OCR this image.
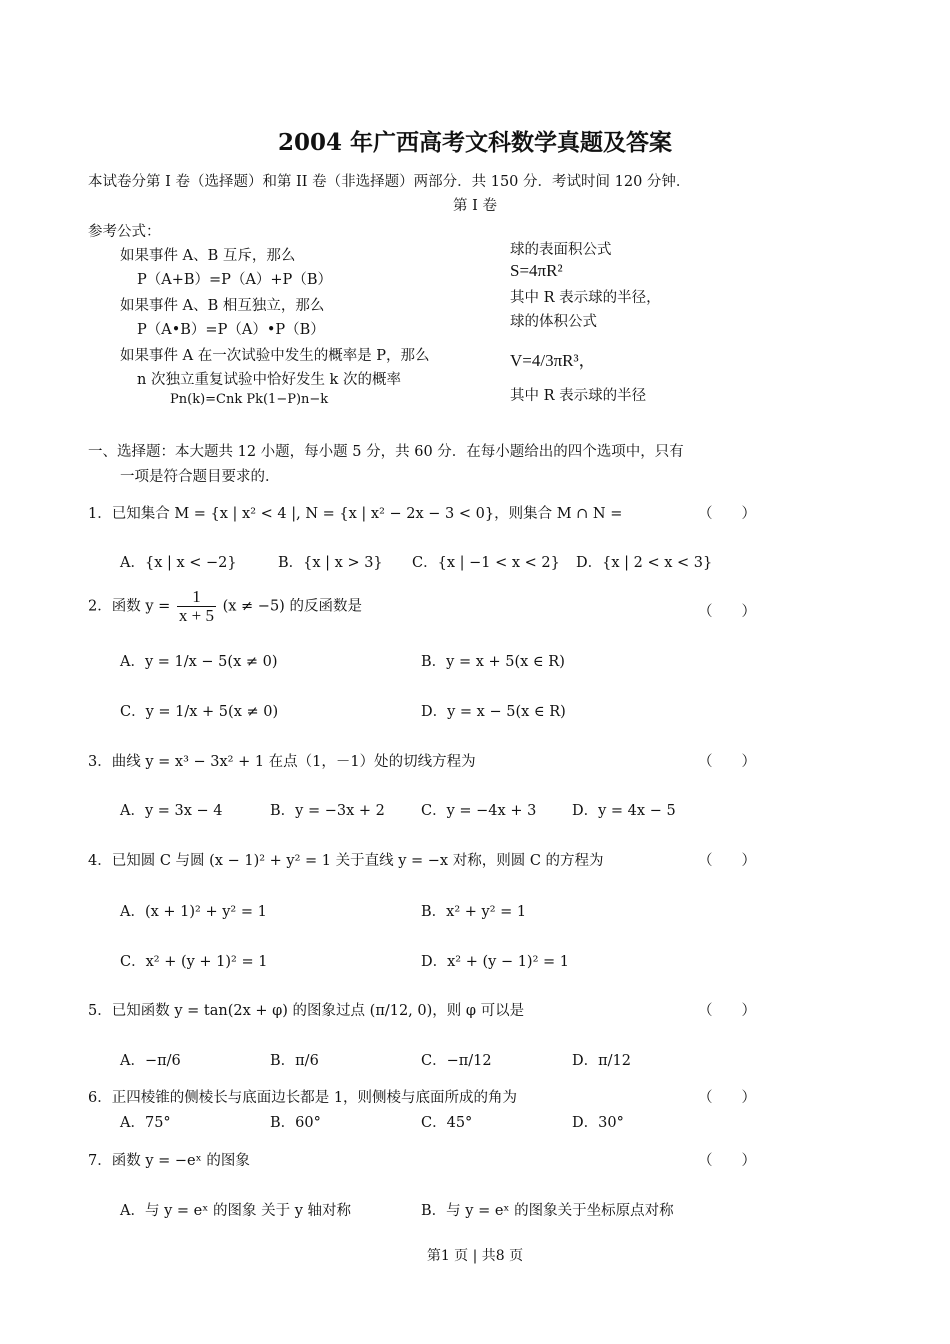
2004 年广西高考文科数学真题及答案
本试卷分第 I 卷（选择题）和第 II 卷（非选择题）两部分．共 150 分．考试时间 120 分钟．
第 I 卷
参考公式：
如果事件 A、B 互斥，那么
P（A+B）=P（A）+P（B）
如果事件 A、B 相互独立，那么
P（A•B）=P（A）•P（B）
如果事件 A 在一次试验中发生的概率是 P，那么
n 次独立重复试验中恰好发生 k 次的概率
Pn(k)=Cnk Pk(1−P)n−k
球的表面积公式
S=4πR²
其中 R 表示球的半径，
球的体积公式
V=4/3πR³，
其中 R 表示球的半径
一、选择题：本大题共 12 小题，每小题 5 分，共 60 分．在每小题给出的四个选项中，只有
一项是符合题目要求的．
1．已知集合 M = {x | x² < 4 |, N = {x | x² − 2x − 3 < 0}，则集合 M ∩ N =	（　　）
A．{x | x < −2}	B．{x | x > 3} C．{x | −1 < x < 2} D．{x | 2 < x < 3}
2．函数 $y = \frac{1}{x + 5} (x \ne -5)$ 的反函数是	（　　）
A．y = 1/x − 5(x ≠ 0)	B．y = x + 5(x ∈ R)
C．y = 1/x + 5(x ≠ 0)	D．y = x − 5(x ∈ R)
3．曲线 y = x³ − 3x² + 1 在点（1，－1）处的切线方程为	（　　）
A．y = 3x − 4	B．y = −3x + 2 C．y = −4x + 3 D．y = 4x − 5
4．已知圆 C 与圆 (x − 1)² + y² = 1 关于直线 y = −x 对称，则圆 C 的方程为	（　　）
A．(x + 1)² + y² = 1	B．x² + y² = 1
C．x² + (y + 1)² = 1	D．x² + (y − 1)² = 1
5．已知函数 y = tan(2x + φ) 的图象过点 (π/12, 0)，则 φ 可以是	（　　）
A．−π/6	B．π/6	C．−π/12	D．π/12
6．正四棱锥的侧棱长与底面边长都是 1，则侧棱与底面所成的角为	（　　）
A．75°	B．60°	C．45°	D．30°
7．函数 y = −eˣ 的图象	（　　）
A．与 y = eˣ 的图象 关于 y 轴对称	B．与 y = eˣ 的图象关于坐标原点对称
第1 页 | 共8 页
